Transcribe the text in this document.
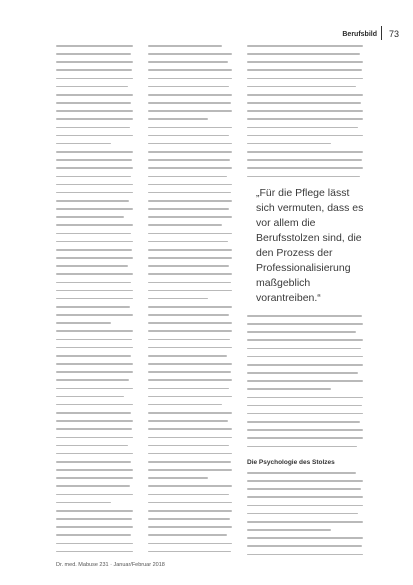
Berufsbild 73
„Für die Pflege lässt sich vermuten, dass es vor allem die Berufsstolzen sind, die den Prozess der Professionalisierung maßgeblich vorantreiben.“
Die Psychologie des Stolzes
Dr. med. Mabuse 231 · Januar/Februar 2018
